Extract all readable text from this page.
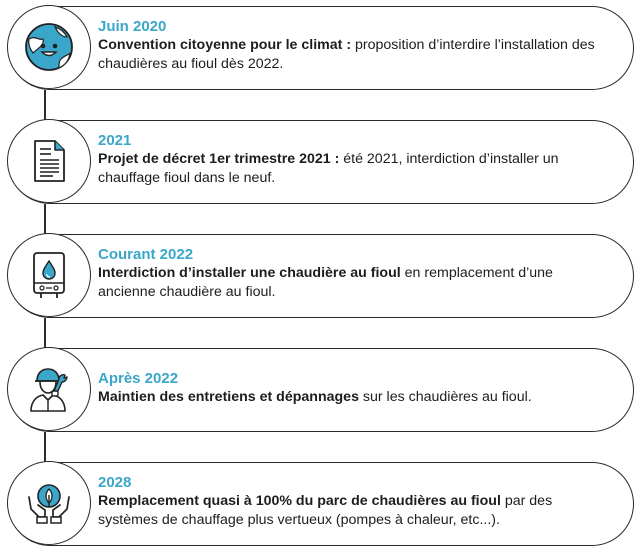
Juin 2020
Convention citoyenne pour le climat : proposition d’interdire l’installation des chaudières au fioul dès 2022.
2021
Projet de décret 1er trimestre 2021 : été 2021, interdiction d’installer un chauffage fioul dans le neuf.
Courant 2022
Interdiction d’installer une chaudière au fioul en remplacement d’une ancienne chaudière au fioul.
Après 2022
Maintien des entretiens et dépannages sur les chaudières au fioul.
2028
Remplacement quasi à 100% du parc de chaudières au fioul par des systèmes de chauffage plus vertueux (pompes à chaleur, etc...).
